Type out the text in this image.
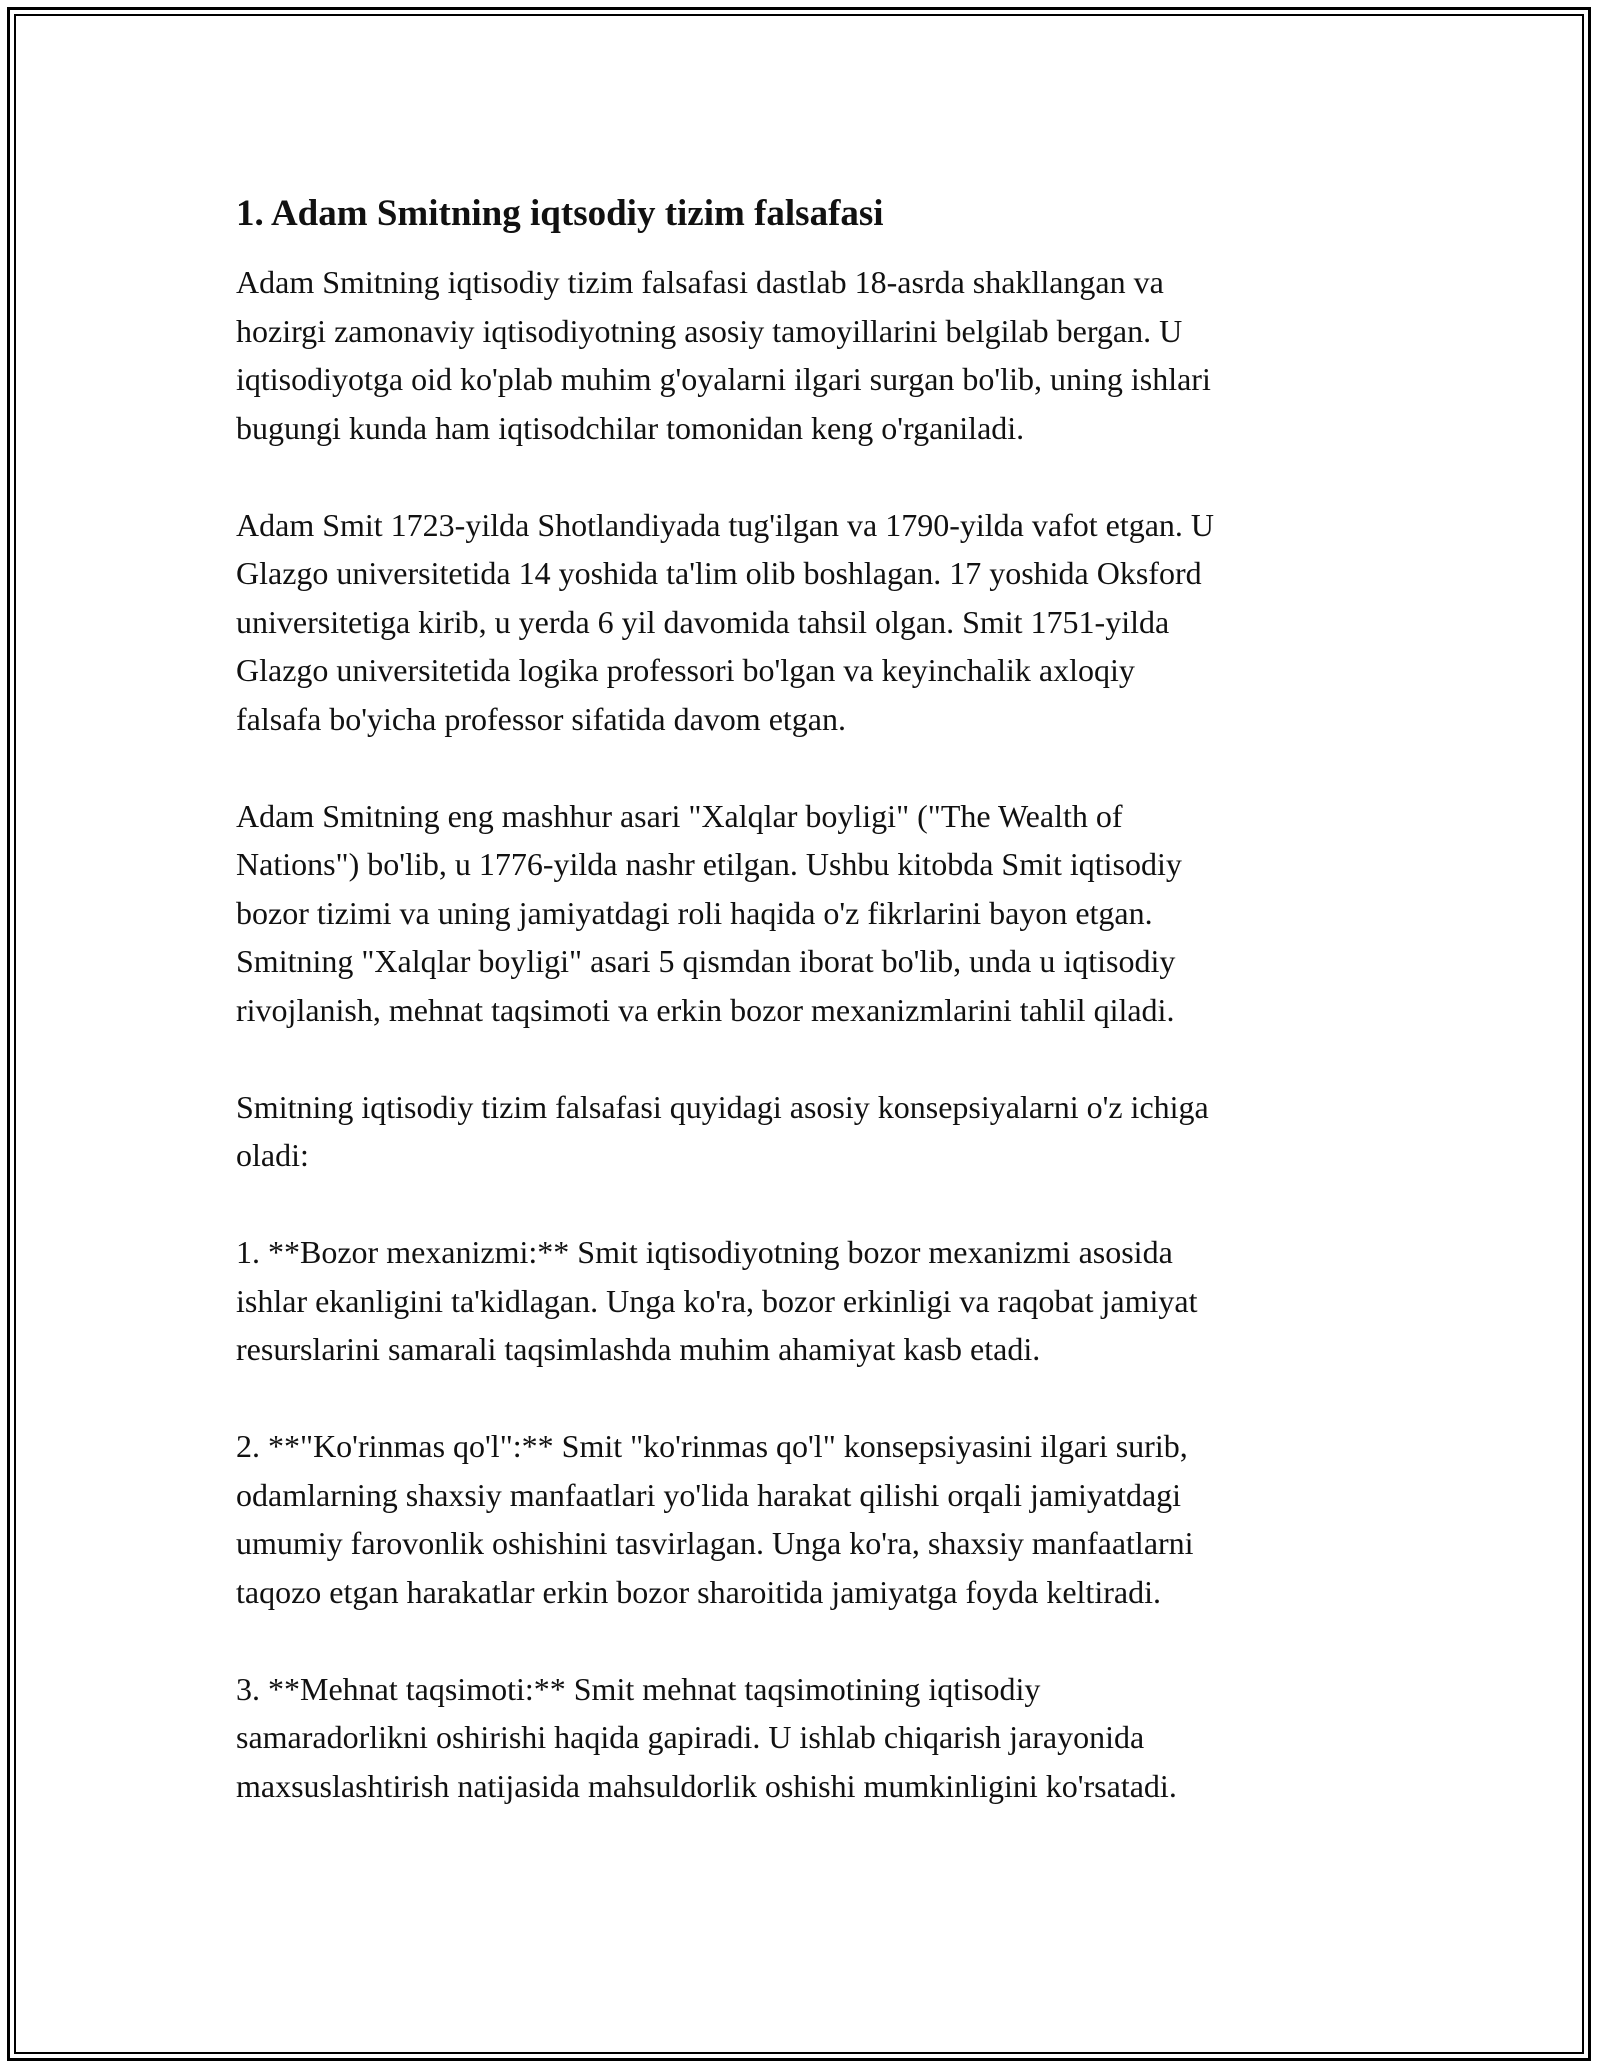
1. Adam Smitning iqtsodiy tizim falsafasi

Adam Smitning iqtisodiy tizim falsafasi dastlab 18-asrda shakllangan va
hozirgi zamonaviy iqtisodiyotning asosiy tamoyillarini belgilab bergan. U
iqtisodiyotga oid ko'plab muhim g'oyalarni ilgari surgan bo'lib, uning ishlari
bugungi kunda ham iqtisodchilar tomonidan keng o'rganiladi.

Adam Smit 1723-yilda Shotlandiyada tug'ilgan va 1790-yilda vafot etgan. U
Glazgo universitetida 14 yoshida ta'lim olib boshlagan. 17 yoshida Oksford
universitetiga kirib, u yerda 6 yil davomida tahsil olgan. Smit 1751-yilda
Glazgo universitetida logika professori bo'lgan va keyinchalik axloqiy
falsafa bo'yicha professor sifatida davom etgan.

Adam Smitning eng mashhur asari "Xalqlar boyligi" ("The Wealth of
Nations") bo'lib, u 1776-yilda nashr etilgan. Ushbu kitobda Smit iqtisodiy
bozor tizimi va uning jamiyatdagi roli haqida o'z fikrlarini bayon etgan.
Smitning "Xalqlar boyligi" asari 5 qismdan iborat bo'lib, unda u iqtisodiy
rivojlanish, mehnat taqsimoti va erkin bozor mexanizmlarini tahlil qiladi.

Smitning iqtisodiy tizim falsafasi quyidagi asosiy konsepsiyalarni o'z ichiga
oladi:

1. **Bozor mexanizmi:** Smit iqtisodiyotning bozor mexanizmi asosida
ishlar ekanligini ta'kidlagan. Unga ko'ra, bozor erkinligi va raqobat jamiyat
resurslarini samarali taqsimlashda muhim ahamiyat kasb etadi.

2. **"Ko'rinmas qo'l":** Smit "ko'rinmas qo'l" konsepsiyasini ilgari surib,
odamlarning shaxsiy manfaatlari yo'lida harakat qilishi orqali jamiyatdagi
umumiy farovonlik oshishini tasvirlagan. Unga ko'ra, shaxsiy manfaatlarni
taqozo etgan harakatlar erkin bozor sharoitida jamiyatga foyda keltiradi.

3. **Mehnat taqsimoti:** Smit mehnat taqsimotining iqtisodiy
samaradorlikni oshirishi haqida gapiradi. U ishlab chiqarish jarayonida
maxsuslashtirish natijasida mahsuldorlik oshishi mumkinligini ko'rsatadi.
